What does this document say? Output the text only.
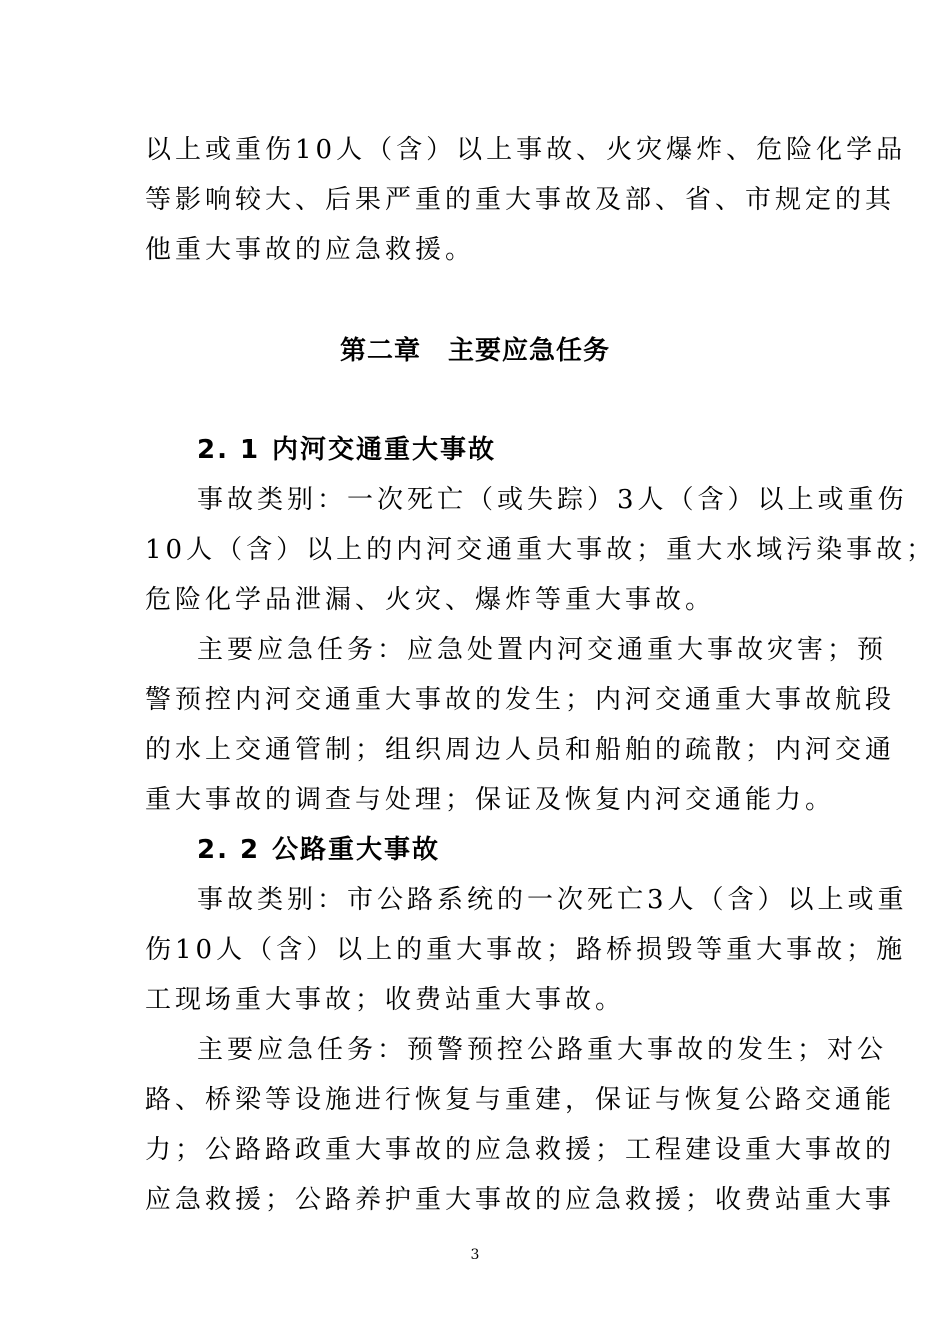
以上或重伤10人（含）以上事故、火灾爆炸、危险化学品
等影响较大、后果严重的重大事故及部、省、市规定的其
他重大事故的应急救援。
第二章　主要应急任务
2. 1 内河交通重大事故
事故类别：一次死亡（或失踪）3人（含）以上或重伤
10人（含）以上的内河交通重大事故；重大水域污染事故；
危险化学品泄漏、火灾、爆炸等重大事故。
主要应急任务：应急处置内河交通重大事故灾害；预
警预控内河交通重大事故的发生；内河交通重大事故航段
的水上交通管制；组织周边人员和船舶的疏散；内河交通
重大事故的调查与处理；保证及恢复内河交通能力。
2. 2 公路重大事故
事故类别：市公路系统的一次死亡3人（含）以上或重
伤10人（含）以上的重大事故；路桥损毁等重大事故；施
工现场重大事故；收费站重大事故。
主要应急任务：预警预控公路重大事故的发生；对公
路、桥梁等设施进行恢复与重建，保证与恢复公路交通能
力；公路路政重大事故的应急救援；工程建设重大事故的
应急救援；公路养护重大事故的应急救援；收费站重大事
3
